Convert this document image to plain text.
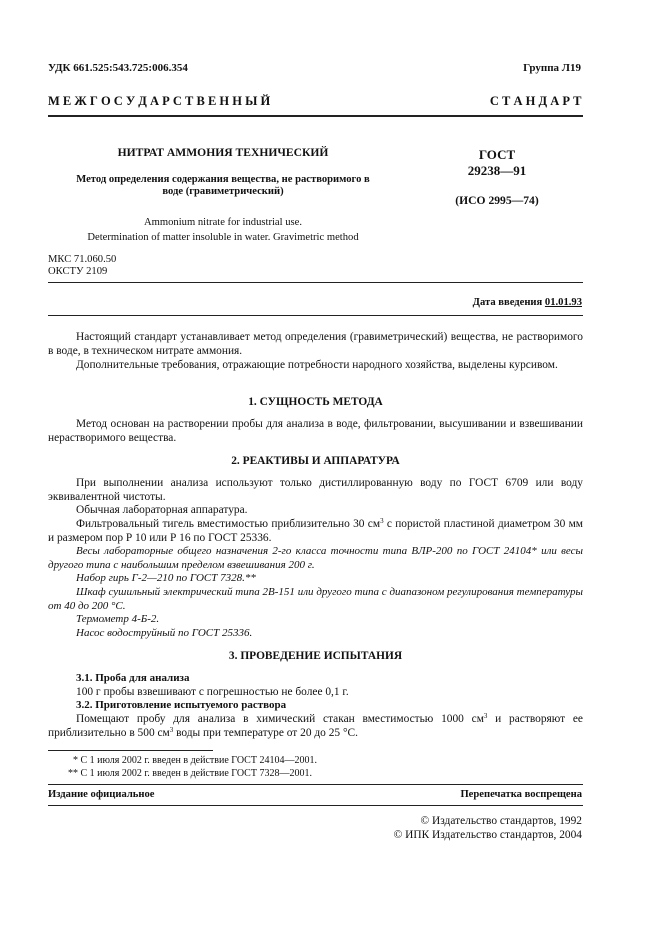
УДК 661.525:543.725:006.354	Группа Л19
М Е Ж Г О С У Д А Р С Т В Е Н Н Ы Й	С Т А Н Д А Р Т
НИТРАТ АММОНИЯ ТЕХНИЧЕСКИЙ
Метод определения содержания вещества, не растворимого в
воде (гравиметрический)
Ammonium nitrate for industrial use.
Determination of matter insoluble in water. Gravimetric method
ГОСТ
29238—91
(ИСО 2995—74)
МКС 71.060.50
ОКСТУ 2109
Дата введения 01.01.93
Настоящий стандарт устанавливает метод определения (гравиметрический) вещества, не растворимого в воде, в техническом нитрате аммония.
Дополнительные требования, отражающие потребности народного хозяйства, выделены курсивом.
1. СУЩНОСТЬ МЕТОДА
Метод основан на растворении пробы для анализа в воде, фильтровании, высушивании и взвешивании нерастворимого вещества.
2. РЕАКТИВЫ И АППАРАТУРА
При выполнении анализа используют только дистиллированную воду по ГОСТ 6709 или воду эквивалентной чистоты.
Обычная лабораторная аппаратура.
Фильтровальный тигель вместимостью приблизительно 30 $см^3$ с пористой пластиной диаметром 30 мм и размером пор Р 10 или Р 16 по ГОСТ 25336.
Весы лабораторные общего назначения 2-го класса точности типа ВЛР-200 по ГОСТ 24104* или весы другого типа с наибольшим пределом взвешивания 200 г.
Набор гирь Г-2—210 по ГОСТ 7328.**
Шкаф сушильный электрический типа 2В-151 или другого типа с диапазоном регулирования температуры от 40 до 200 °С.
Термометр 4-Б-2.
Насос водоструйный по ГОСТ 25336.
3. ПРОВЕДЕНИЕ ИСПЫТАНИЯ
3.1. Проба для анализа
100 г пробы взвешивают с погрешностью не более 0,1 г.
3.2. Приготовление испытуемого раствора
Помещают пробу для анализа в химический стакан вместимостью 1000 $см^3$ и растворяют ее приблизительно в 500 $см^3$ воды при температуре от 20 до 25 °С.
* С 1 июля 2002 г. введен в действие ГОСТ 24104—2001.
** С 1 июля 2002 г. введен в действие ГОСТ 7328—2001.
Издание официальное	Перепечатка воспрещена
© Издательство стандартов, 1992
© ИПК Издательство стандартов, 2004
